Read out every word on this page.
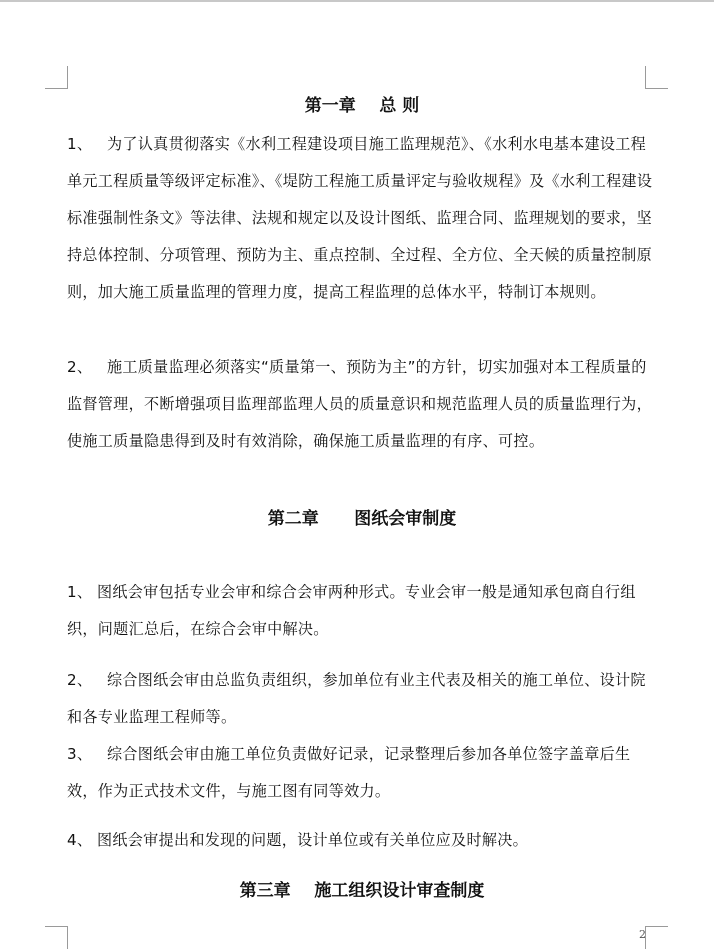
第一章    总 则

1、 为了认真贯彻落实《水利工程建设项目施工监理规范》、《水利水电基本建设工程单元工程质量等级评定标准》、《堤防工程施工质量评定与验收规程》及《水利工程建设标准强制性条文》等法律、法规和规定以及设计图纸、监理合同、监理规划的要求，坚持总体控制、分项管理、预防为主、重点控制、全过程、全方位、全天候的质量控制原则，加大施工质量监理的管理力度，提高工程监理的总体水平，特制订本规则。

2、 施工质量监理必须落实“质量第一、预防为主”的方针，切实加强对本工程质量的监督管理，不断增强项目监理部监理人员的质量意识和规范监理人员的质量监理行为，使施工质量隐患得到及时有效消除，确保施工质量监理的有序、可控。

第二章      图纸会审制度

1、 图纸会审包括专业会审和综合会审两种形式。专业会审一般是通知承包商自行组织，问题汇总后，在综合会审中解决。

2、 综合图纸会审由总监负责组织，参加单位有业主代表及相关的施工单位、设计院和各专业监理工程师等。

3、 综合图纸会审由施工单位负责做好记录，记录整理后参加各单位签字盖章后生效，作为正式技术文件，与施工图有同等效力。

4、 图纸会审提出和发现的问题，设计单位或有关单位应及时解决。

第三章    施工组织设计审查制度
2
